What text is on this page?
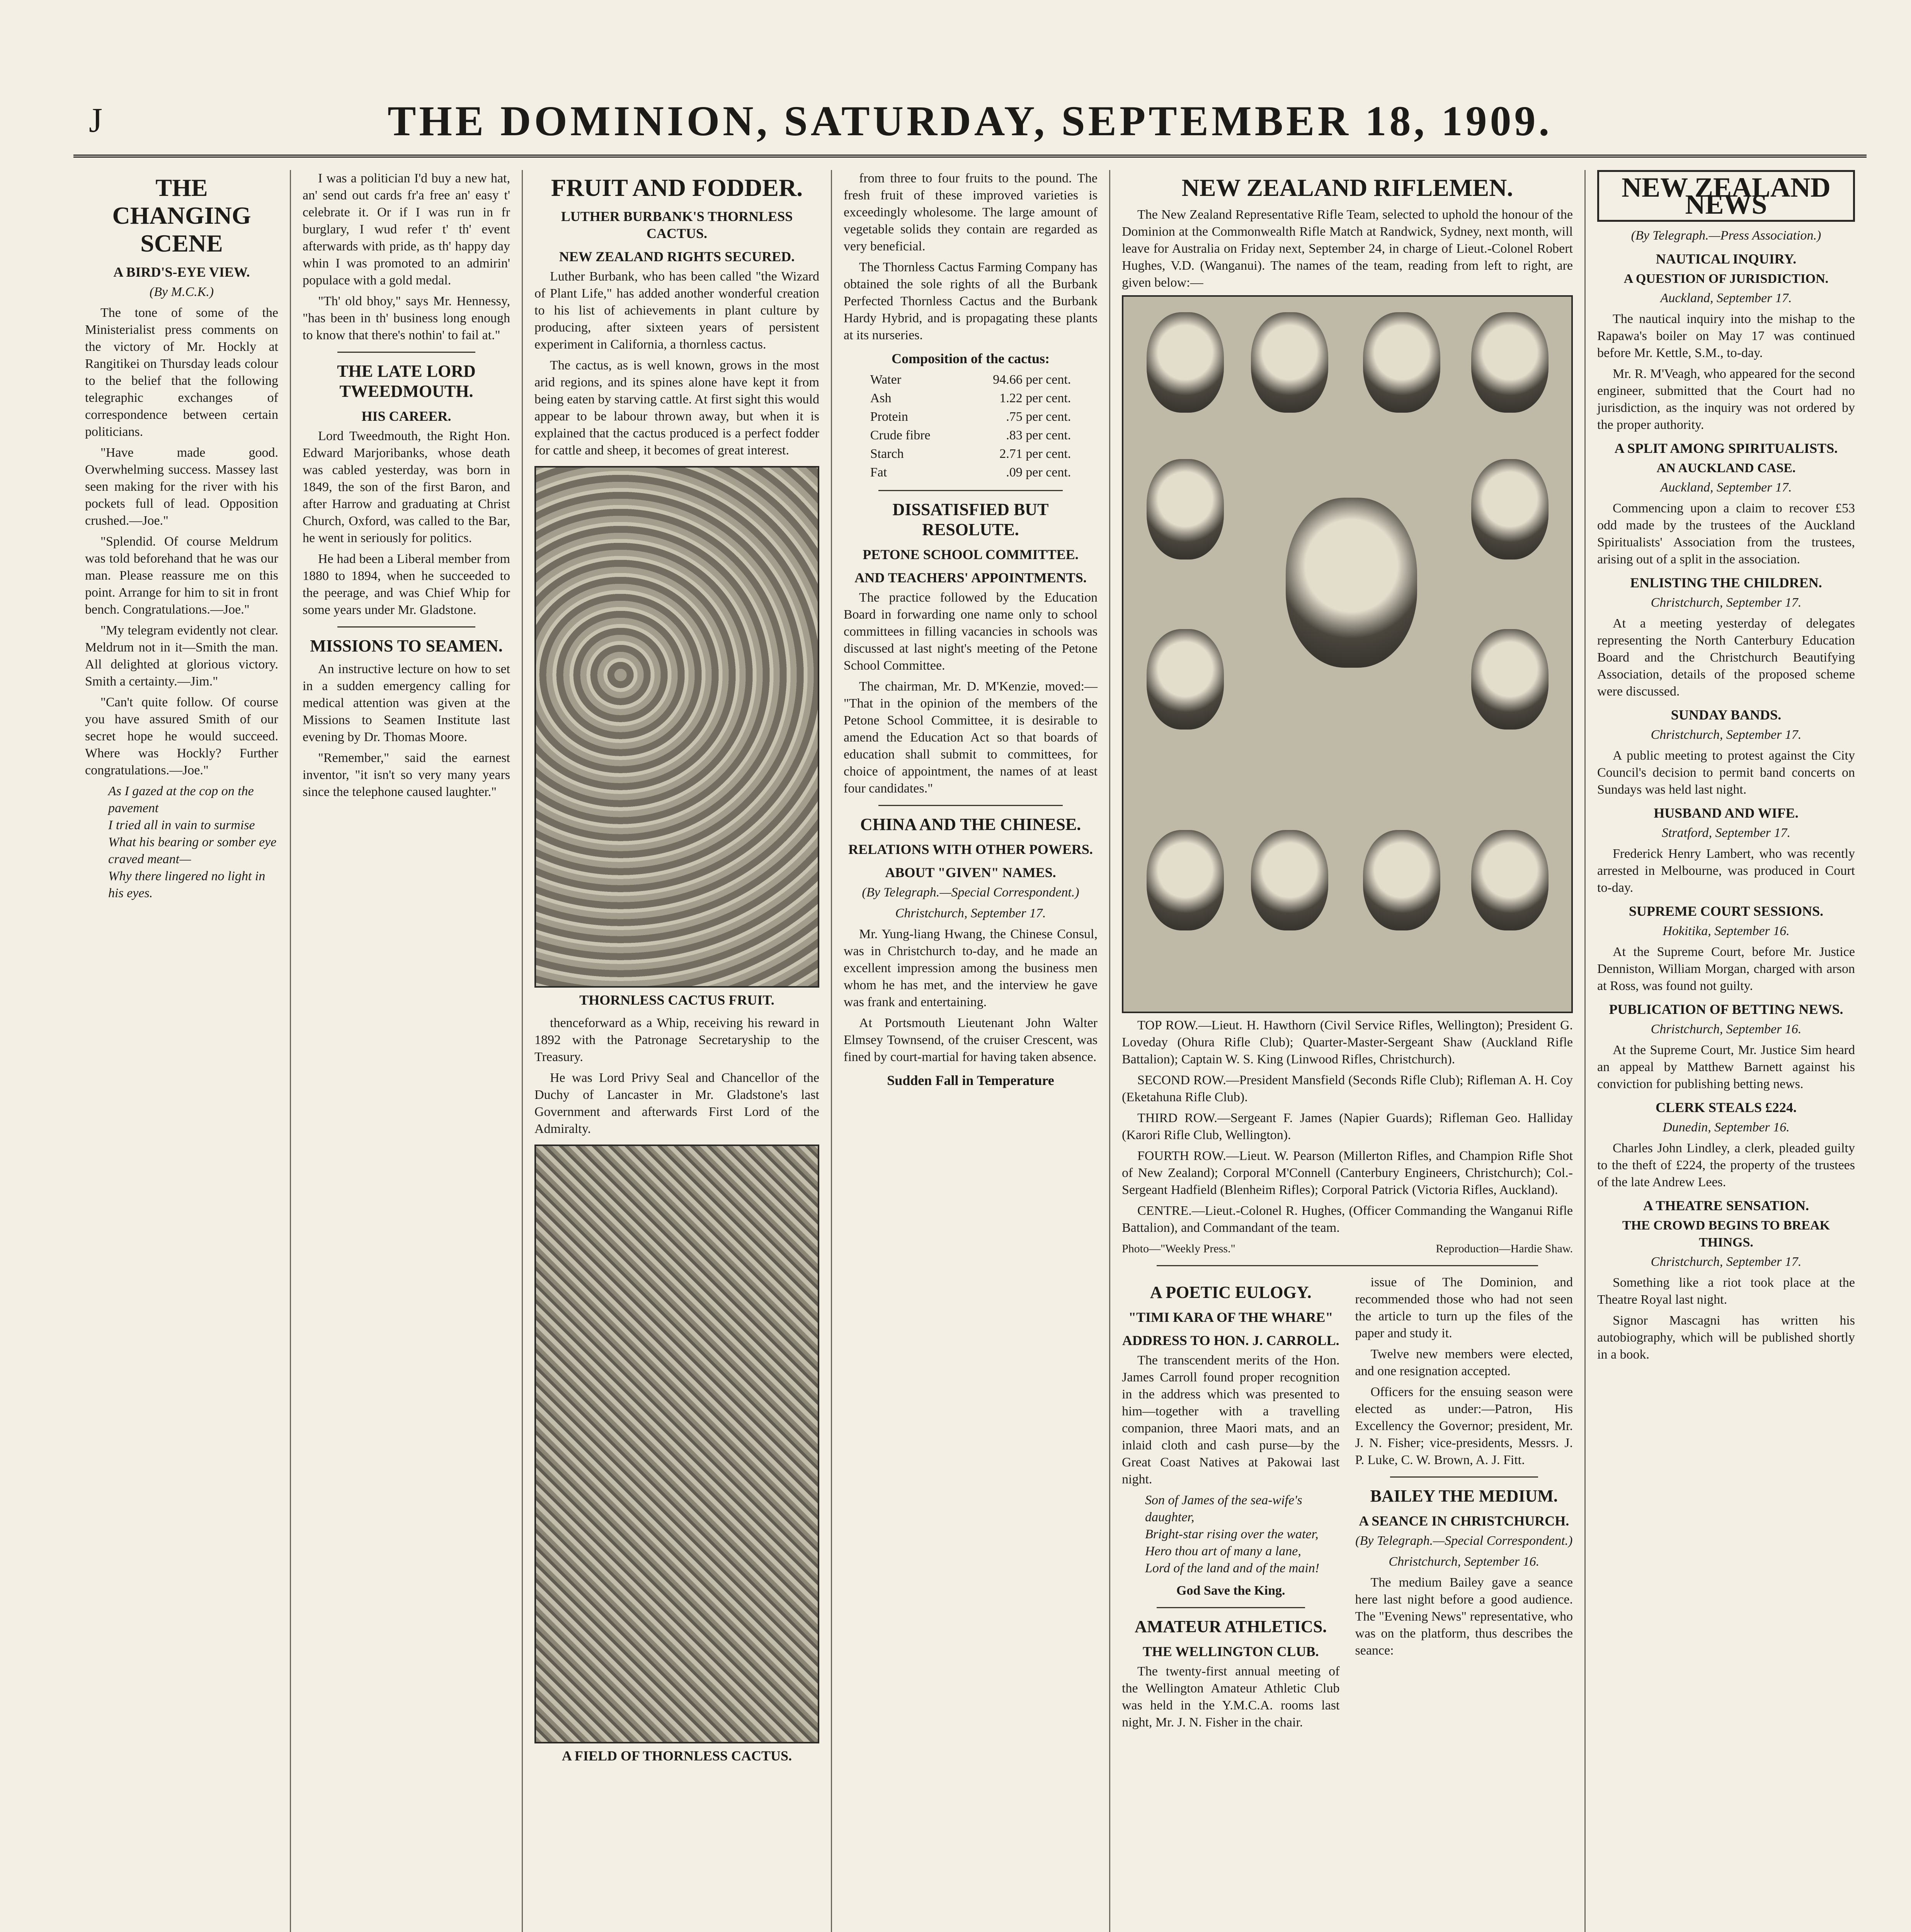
J	THE DOMINION, SATURDAY, SEPTEMBER 18, 1909.
THE CHANGING SCENE
A BIRD'S-EYE VIEW.
(By M.C.K.)

The tone of some of the Ministerialist press comments on the victory of Mr. Hockly at Rangitikei on Thursday leads colour to the belief that the following telegraphic exchanges of correspondence between certain politicians.

"Have made good. Overwhelming success. Massey last seen making for the river with his pockets full of lead. Opposition crushed.—Joe."

"Splendid. Of course Meldrum was told beforehand that he was our man. Please reassure me on this point. Arrange for him to sit in front bench. Congratulations.—Joe."

"My telegram evidently not clear. Meldrum not in it—Smith the man. All delighted at glorious victory. Smith a certainty.—Jim."

"Can't quite follow. Of course you have assured Smith of our secret hope he would succeed. Where was Hockly? Further congratulations.—Joe."

As I gazed at the cop on the pavement
I tried all in vain to surmise
What his bearing or somber eye craved meant—
Why there lingered no light in his eyes.

I was a politician I'd buy a new hat, an' send out cards fr'a free an' easy t' celebrate it. Or if I was run in fr burglary, I wud refer t' th' event afterwards with pride, as th' happy day whin I was promoted to an admirin' populace with a gold medal.

"Th' old bhoy," says Mr. Hennessy, "has been in th' business long enough to know that there's nothin' to fail at."

THE LATE LORD TWEEDMOUTH.
HIS CAREER.

Lord Tweedmouth, the Right Hon. Edward Marjoribanks, whose death was cabled yesterday, was born in 1849, the son of the first Baron, and after Harrow and graduating at Christ Church, Oxford, was called to the Bar, he went in seriously for politics.

He had been a Liberal member from 1880 to 1894, when he succeeded to the peerage, and was Chief Whip for some years under Mr. Gladstone.

MISSIONS TO SEAMEN.

An instructive lecture on how to set in a sudden emergency calling for medical attention was given at the Missions to Seamen Institute last evening by Dr. Thomas Moore.

"Remember," said the earnest inventor, "it isn't so very many years since the telephone caused laughter."

FRUIT AND FODDER.
LUTHER BURBANK'S THORNLESS CACTUS.
NEW ZEALAND RIGHTS SECURED.

Luther Burbank, who has been called "the Wizard of Plant Life," has added another wonderful creation to his list of achievements in plant culture by producing, after sixteen years of persistent experiment in California, a thornless cactus.

The cactus, as is well known, grows in the most arid regions, and its spines alone have kept it from being eaten by starving cattle. At first sight this would appear to be labour thrown away, but when it is explained that the cactus produced is a perfect fodder for cattle and sheep, it becomes of great interest.

THORNLESS CACTUS FRUIT.

thenceforward as a Whip, receiving his reward in 1892 with the Patronage Secretaryship to the Treasury.

He was Lord Privy Seal and Chancellor of the Duchy of Lancaster in Mr. Gladstone's last Government and afterwards First Lord of the Admiralty.

A FIELD OF THORNLESS CACTUS.

from three to four fruits to the pound. The fresh fruit of these improved varieties is exceedingly wholesome. The large amount of vegetable solids they contain are regarded as very beneficial.

The Thornless Cactus Farming Company has obtained the sole rights of all the Burbank Perfected Thornless Cactus and the Burbank Hardy Hybrid, and is propagating these plants at its nurseries.

Composition of the cactus:
Water	94.66 per cent.
Ash	1.22 per cent.
Protein	.75 per cent.
Crude fibre	.83 per cent.
Starch	2.71 per cent.
Fat	.09 per cent.
DISSATISFIED BUT RESOLUTE.
PETONE SCHOOL COMMITTEE.
AND TEACHERS' APPOINTMENTS.

The practice followed by the Education Board in forwarding one name only to school committees in filling vacancies in schools was discussed at last night's meeting of the Petone School Committee.

The chairman, Mr. D. M'Kenzie, moved:— "That in the opinion of the members of the Petone School Committee, it is desirable to amend the Education Act so that boards of education shall submit to committees, for choice of appointment, the names of at least four candidates."

CHINA AND THE CHINESE.
RELATIONS WITH OTHER POWERS.
ABOUT "GIVEN" NAMES.
(By Telegraph.—Special Correspondent.)
Christchurch, September 17.

Mr. Yung-liang Hwang, the Chinese Consul, was in Christchurch to-day, and he made an excellent impression among the business men whom he has met, and the interview he gave was frank and entertaining.

At Portsmouth Lieutenant John Walter Elmsey Townsend, of the cruiser Crescent, was fined by court-martial for having taken absence.

Sudden Fall in Temperature
NEW ZEALAND RIFLEMEN.

The New Zealand Representative Rifle Team, selected to uphold the honour of the Dominion at the Commonwealth Rifle Match at Randwick, Sydney, next month, will leave for Australia on Friday next, September 24, in charge of Lieut.-Colonel Robert Hughes, V.D. (Wanganui). The names of the team, reading from left to right, are given below:—

TOP ROW.—Lieut. H. Hawthorn (Civil Service Rifles, Wellington); President G. Loveday (Ohura Rifle Club); Quarter-Master-Sergeant Shaw (Auckland Rifle Battalion); Captain W. S. King (Linwood Rifles, Christchurch).

SECOND ROW.—President Mansfield (Seconds Rifle Club); Rifleman A. H. Coy (Eketahuna Rifle Club).

THIRD ROW.—Sergeant F. James (Napier Guards); Rifleman Geo. Halliday (Karori Rifle Club, Wellington).

FOURTH ROW.—Lieut. W. Pearson (Millerton Rifles, and Champion Rifle Shot of New Zealand); Corporal M'Connell (Canterbury Engineers, Christchurch); Col.-Sergeant Hadfield (Blenheim Rifles); Corporal Patrick (Victoria Rifles, Auckland).

CENTRE.—Lieut.-Colonel R. Hughes, (Officer Commanding the Wanganui Rifle Battalion), and Commandant of the team.

Photo—"Weekly Press."	Reproduction—Hardie Shaw.
A POETIC EULOGY.
"TIMI KARA OF THE WHARE"
ADDRESS TO HON. J. CARROLL.

The transcendent merits of the Hon. James Carroll found proper recognition in the address which was presented to him—together with a travelling companion, three Maori mats, and an inlaid cloth and cash purse—by the Great Coast Natives at Pakowai last night.

Son of James of the sea-wife's daughter,
Bright-star rising over the water,
Hero thou art of many a lane,
Lord of the land and of the main!
God Save the King.
AMATEUR ATHLETICS.
THE WELLINGTON CLUB.

The twenty-first annual meeting of the Wellington Amateur Athletic Club was held in the Y.M.C.A. rooms last night, Mr. J. N. Fisher in the chair.

issue of The Dominion, and recommended those who had not seen the article to turn up the files of the paper and study it.

Twelve new members were elected, and one resignation accepted.

Officers for the ensuing season were elected as under:—Patron, His Excellency the Governor; president, Mr. J. N. Fisher; vice-presidents, Messrs. J. P. Luke, C. W. Brown, A. J. Fitt.

BAILEY THE MEDIUM.
A SEANCE IN CHRISTCHURCH.
(By Telegraph.—Special Correspondent.)
Christchurch, September 16.

The medium Bailey gave a seance here last night before a good audience. The "Evening News" representative, who was on the platform, thus describes the seance:

NEW ZEALAND NEWS
(By Telegraph.—Press Association.)
NAUTICAL INQUIRY.
A QUESTION OF JURISDICTION.
Auckland, September 17.

The nautical inquiry into the mishap to the Rapawa's boiler on May 17 was continued before Mr. Kettle, S.M., to-day.

Mr. R. M'Veagh, who appeared for the second engineer, submitted that the Court had no jurisdiction, as the inquiry was not ordered by the proper authority.

A SPLIT AMONG SPIRITUALISTS.
AN AUCKLAND CASE.
Auckland, September 17.

Commencing upon a claim to recover £53 odd made by the trustees of the Auckland Spiritualists' Association from the trustees, arising out of a split in the association.

ENLISTING THE CHILDREN.
Christchurch, September 17.

At a meeting yesterday of delegates representing the North Canterbury Education Board and the Christchurch Beautifying Association, details of the proposed scheme were discussed.

SUNDAY BANDS.
Christchurch, September 17.

A public meeting to protest against the City Council's decision to permit band concerts on Sundays was held last night.

HUSBAND AND WIFE.
Stratford, September 17.

Frederick Henry Lambert, who was recently arrested in Melbourne, was produced in Court to-day.

SUPREME COURT SESSIONS.
Hokitika, September 16.

At the Supreme Court, before Mr. Justice Denniston, William Morgan, charged with arson at Ross, was found not guilty.

PUBLICATION OF BETTING NEWS.
Christchurch, September 16.

At the Supreme Court, Mr. Justice Sim heard an appeal by Matthew Barnett against his conviction for publishing betting news.

CLERK STEALS £224.
Dunedin, September 16.

Charles John Lindley, a clerk, pleaded guilty to the theft of £224, the property of the trustees of the late Andrew Lees.

A THEATRE SENSATION.
THE CROWD BEGINS TO BREAK THINGS.
Christchurch, September 17.

Something like a riot took place at the Theatre Royal last night.

Signor Mascagni has written his autobiography, which will be published shortly in a book.
